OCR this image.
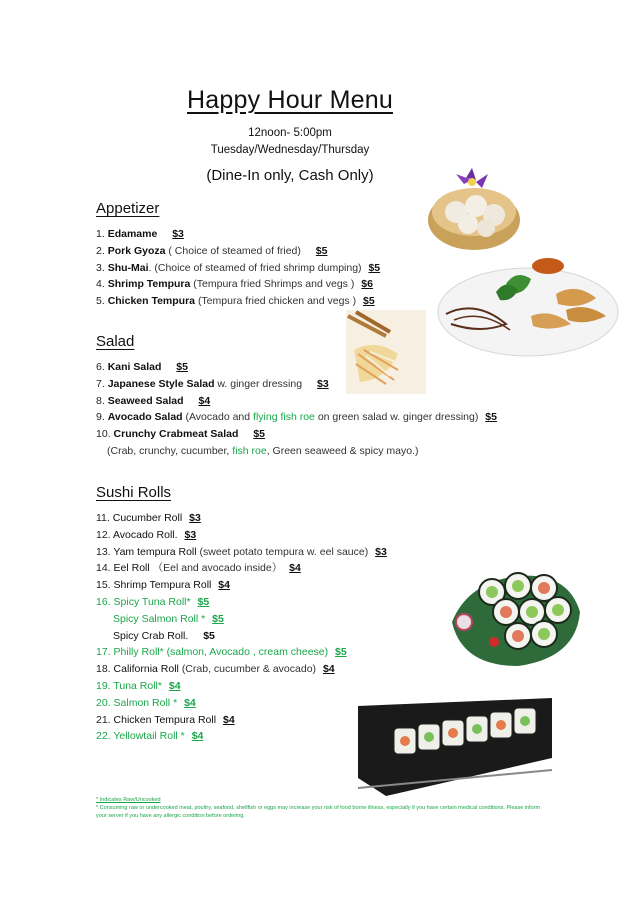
Happy Hour Menu
12noon- 5:00pm
Tuesday/Wednesday/Thursday
(Dine-In only, Cash Only)
Appetizer
1. Edamame $3
2. Pork Gyoza ( Choice of steamed of fried) $5
3. Shu-Mai. (Choice of steamed of fried shrimp dumping) $5
4. Shrimp Tempura (Tempura fried Shrimps and vegs ) $6
5. Chicken Tempura (Tempura fried chicken and vegs ) $5
Salad
6. Kani Salad $5
7. Japanese Style Salad w. ginger dressing $3
8. Seaweed Salad $4
9. Avocado Salad (Avocado and flying fish roe on green salad w. ginger dressing) $5
10. Crunchy Crabmeat Salad $5
(Crab, crunchy, cucumber, fish roe, Green seaweed & spicy mayo.)
Sushi Rolls
11. Cucumber Roll $3
12. Avocado Roll. $3
13. Yam tempura Roll (sweet potato tempura w. eel sauce) $3
14. Eel Roll （Eel and avocado inside） $4
15. Shrimp Tempura Roll $4
16. Spicy Tuna Roll* $5
Spicy Salmon Roll * $5
Spicy Crab Roll. $5
17. Philly Roll* (salmon, Avocado , cream cheese) $5
18. California Roll (Crab, cucumber & avocado) $4
19. Tuna Roll* $4
20. Salmon Roll * $4
21. Chicken Tempura Roll $4
22. Yellowtail Roll * $4
* Indicates Raw/Uncooked
* Consuming raw or undercooked meat, poultry, seafood, shellfish or eggs may increase your risk of food borne illness, especially if you have certain medical conditions. Please inform your server if you have any allergic condition before ordering.
